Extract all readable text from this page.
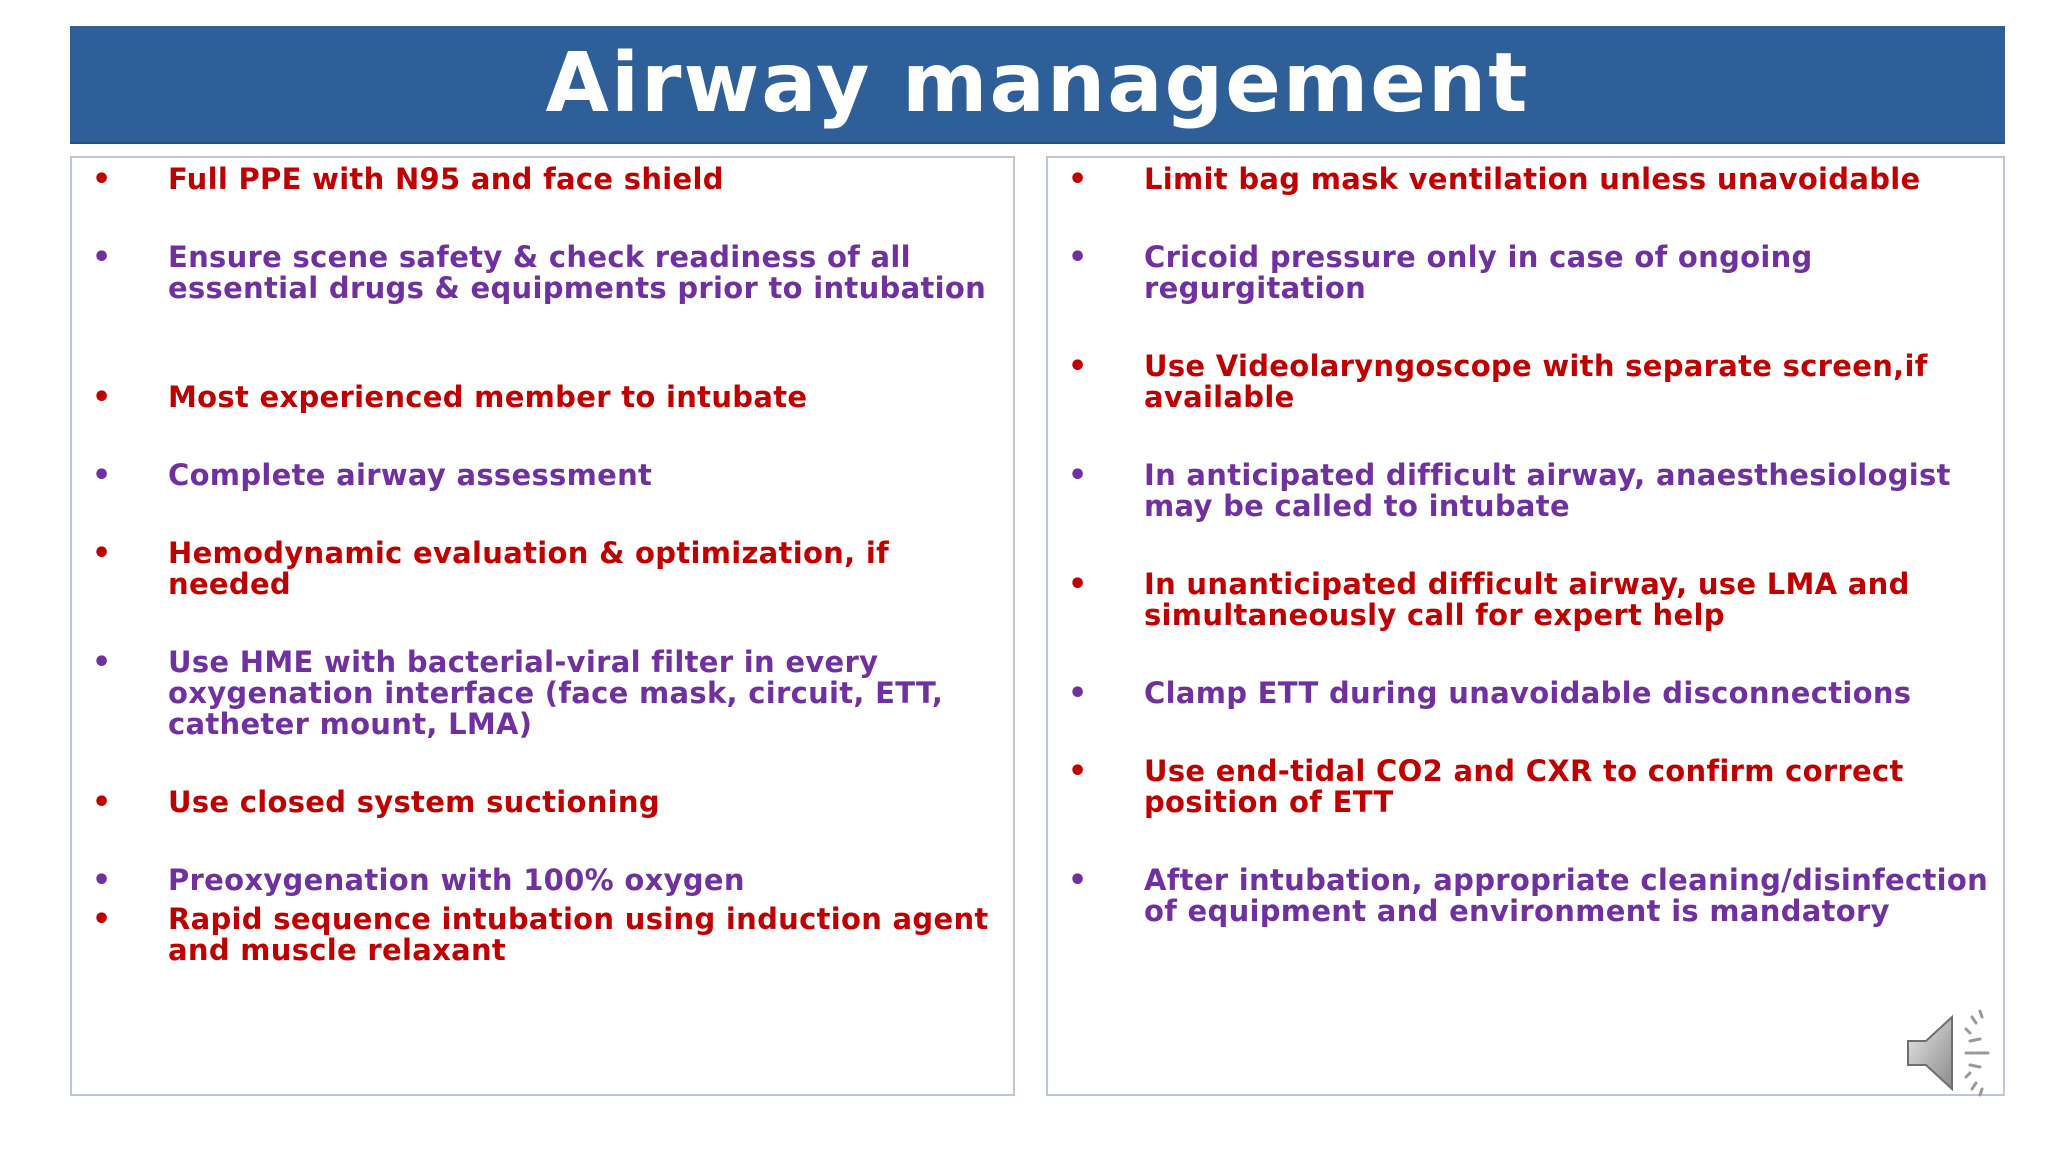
Airway management
• Full PPE with N95 and face shield
• Ensure scene safety & check readiness of all essential drugs & equipments prior to intubation
• Most experienced member to intubate
• Complete airway assessment
• Hemodynamic evaluation & optimization, if needed
• Use HME with bacterial-viral filter in every oxygenation interface (face mask, circuit, ETT, catheter mount, LMA)
• Use closed system suctioning
• Preoxygenation with 100% oxygen
• Rapid sequence intubation using induction agent and muscle relaxant
• Limit bag mask ventilation unless unavoidable
• Cricoid pressure only in case of ongoing regurgitation
• Use Videolaryngoscope with separate screen,if available
• In anticipated difficult airway, anaesthesiologist may be called to intubate
• In unanticipated difficult airway, use LMA and simultaneously call for expert help
• Clamp ETT during unavoidable disconnections
• Use end-tidal CO2 and CXR to confirm correct position of ETT
• After intubation, appropriate cleaning/disinfection of equipment and environment is mandatory
